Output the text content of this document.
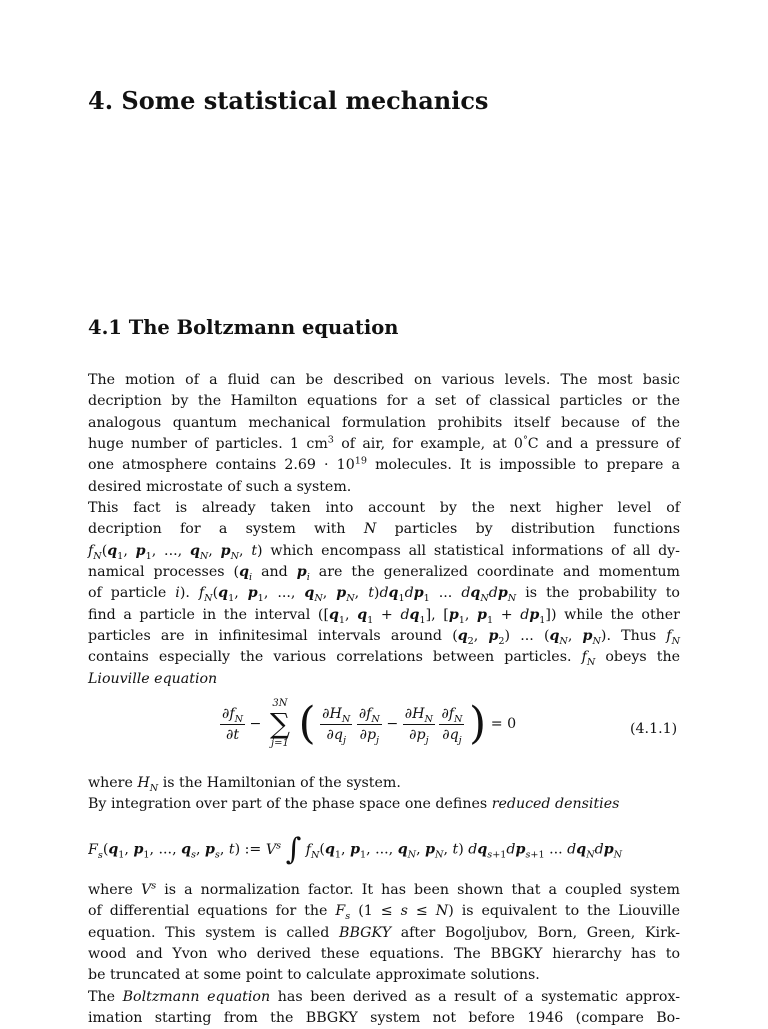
4. Some statistical mechanics
4.1 The Boltzmann equation

The motion of a fluid can be described on various levels. The most basic
decription by the Hamilton equations for a set of classical particles or the
analogous quantum mechanical formulation prohibits itself because of the
huge number of particles. 1 $cm^3$ of air, for example, at 0°C and a pressure of
one atmosphere contains $2.69 \cdot 10^{19}$ molecules. It is impossible to prepare a
desired microstate of such a system.

This fact is already taken into account by the next higher level of
decription for a system with N particles by distribution functions
$f_N(q_1$, $p_1$, ..., $q_N$, $p_N$, t) which encompass all statistical informations of all dy-
namical processes ($q_i$ and $p_i$ are the generalized coordinate and momentum
of particle i). $f_N(q_1$, $p_1$, ..., $q_N$, $p_N$, $t)dq_1dp_1$ ... $dq_Ndp_N$ is the probability to
find a particle in the interval ([$q_1$, $q_1 + dq_1$], [$p_1$, $p_1 + dp_1$]) while the other
particles are in infinitesimal intervals around ($q_2$, $p_2$) ... ($q_N$, $p_N$). Thus $f_N$
contains especially the various correlations between particles. $f_N$ obeys the
Liouville equation

$\frac{\partial f_N}{\partial t}$ −
3N
∑
j=1 ( $\frac{\partial H_N}{\partial q_j}$
$\frac{\partial f_N}{\partial p_j} - \frac{\partial H_N}{\partial p_j}$
$\frac{\partial f_N}{\partial q_j}$ ) = 0	(4.1.1)
where $H_N$ is the Hamiltonian of the system.
By integration over part of the phase space one defines reduced densities
$F_s(q_1$, $p_1$, ..., $q_s$, $p_s$, t) := $V^s$ ∫ $f_N(q_1$, $p_1$, ..., $q_N$, $p_N$, t) $dq_{s+1}dp_{s+1}$ ... $dq_Ndp_N$
where $V^s$ is a normalization factor. It has been shown that a coupled system
of differential equations for the $F_s$ (1 ≤ s ≤ N) is equivalent to the Liouville
equation. This system is called BBGKY after Bogoljubov, Born, Green, Kirk-
wood and Yvon who derived these equations. The BBGKY hierarchy has to
be truncated at some point to calculate approximate solutions.
The Boltzmann equation has been derived as a result of a systematic approx-
imation starting from the BBGKY system not before 1946 (compare Bo-
